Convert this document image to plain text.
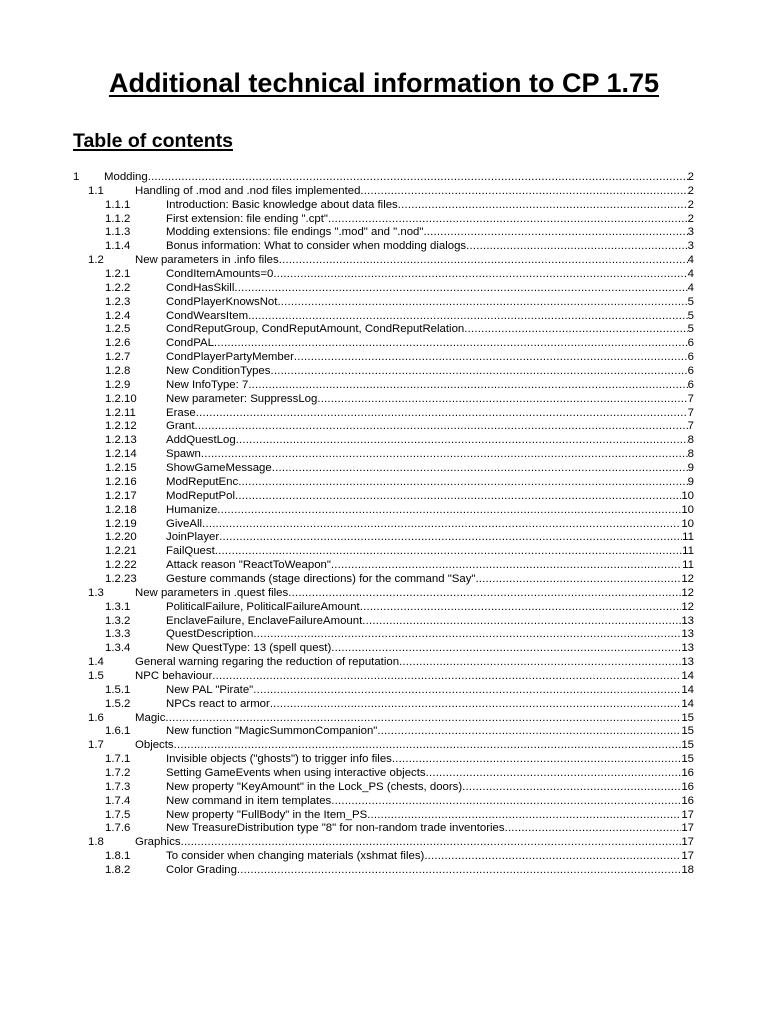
Additional technical information to CP 1.75
Table of contents
1 Modding .....	2
1.1	Handling of .mod and .nod files implemented .....	2
1.1.1	Introduction: Basic knowledge about data files .....	2
1.1.2	First extension: file ending ".cpt" .....	2
1.1.3	Modding extensions: file endings ".mod" and ".nod" .....	3
1.1.4	Bonus information: What to consider when modding dialogs .....	3
1.2	New parameters in .info files .....	4
1.2.1	CondItemAmounts=0 .....	4
1.2.2	CondHasSkill .....	4
1.2.3	CondPlayerKnowsNot .....	5
1.2.4	CondWearsItem .....	5
1.2.5	CondReputGroup, CondReputAmount, CondReputRelation .....	5
1.2.6	CondPAL .....	6
1.2.7	CondPlayerPartyMember .....	6
1.2.8	New ConditionTypes .....	6
1.2.9	New InfoType: 7 .....	6
1.2.10	New parameter: SuppressLog .....	7
1.2.11	Erase .....	7
1.2.12	Grant .....	7
1.2.13	AddQuestLog .....	8
1.2.14	Spawn .....	8
1.2.15	ShowGameMessage .....	9
1.2.16	ModReputEnc .....	9
1.2.17	ModReputPol .....	10
1.2.18	Humanize .....	10
1.2.19	GiveAll .....	10
1.2.20	JoinPlayer .....	11
1.2.21	FailQuest .....	11
1.2.22	Attack reason "ReactToWeapon" .....	11
1.2.23	Gesture commands (stage directions) for the command "Say" .....	12
1.3	New parameters in .quest files .....	12
1.3.1	PoliticalFailure, PoliticalFailureAmount .....	12
1.3.2	EnclaveFailure, EnclaveFailureAmount .....	13
1.3.3	QuestDescription .....	13
1.3.4	New QuestType: 13 (spell quest) .....	13
1.4	General warning regaring the reduction of reputation .....	13
1.5	NPC behaviour .....	14
1.5.1	New PAL "Pirate" .....	14
1.5.2	NPCs react to armor .....	14
1.6	Magic .....	15
1.6.1	New function "MagicSummonCompanion" .....	15
1.7	Objects .....	15
1.7.1	Invisible objects ("ghosts") to trigger info files .....	15
1.7.2	Setting GameEvents when using interactive objects .....	16
1.7.3	New property "KeyAmount" in the Lock_PS (chests, doors) .....	16
1.7.4	New command in item templates .....	16
1.7.5	New property "FullBody" in the Item_PS .....	17
1.7.6	New TreasureDistribution type "8" for non-random trade inventories .....	17
1.8	Graphics .....	17
1.8.1	To consider when changing materials (xshmat files) .....	17
1.8.2	Color Grading .....	18
